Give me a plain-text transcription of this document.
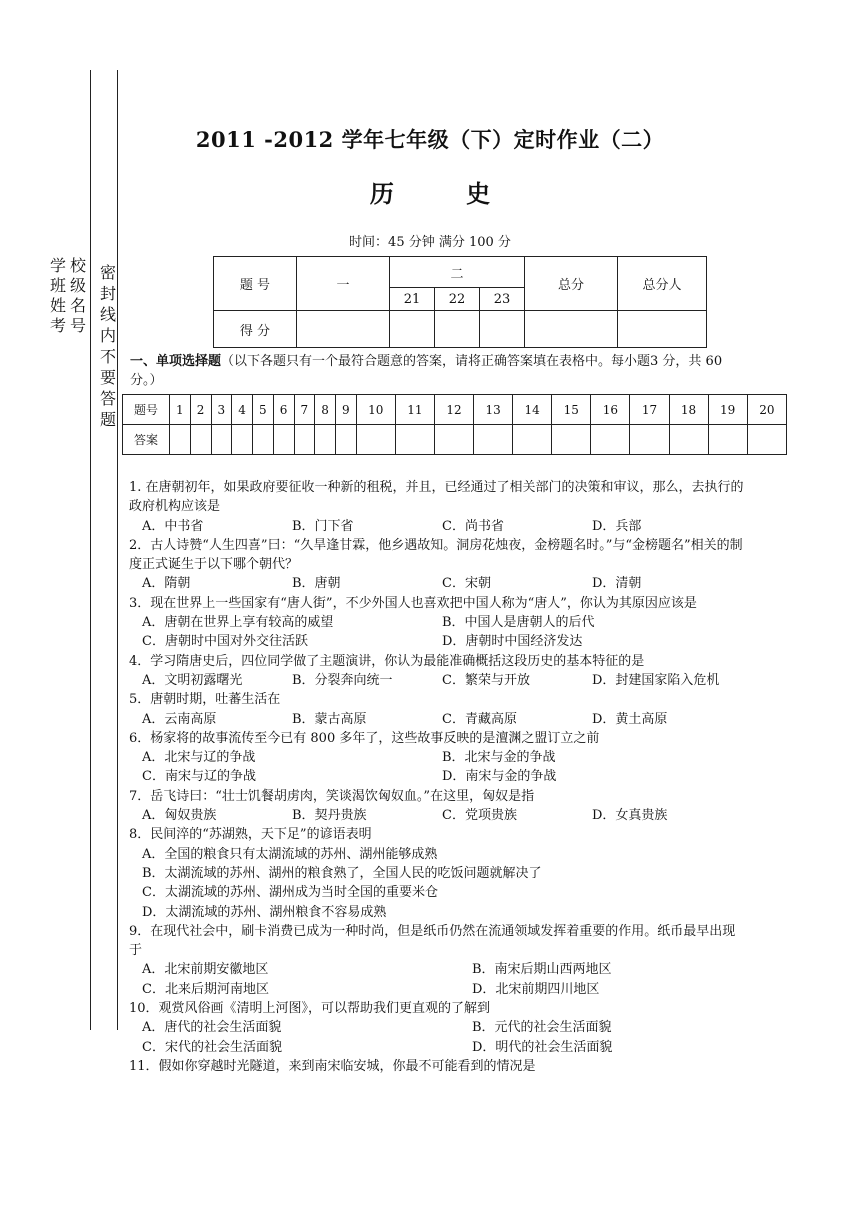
学
班
姓
考
校
级
名
号
密
封
线
内
不
要
答
题
2011 -2012 学年七年级（下）定时作业（二）
历 史
时间：45 分钟 满分 100 分
题 号	一	二			总分	总分人
		21	22	23		
得 分						
一、单项选择题（以下各题只有一个最符合题意的答案，请将正确答案填在表格中。每小题3 分，共 60 分。）
题号	1	2	3	4	5	6	7	8	9	10	11	12	13	14	15	16	17	18	19	20
答案																				

1. 在唐朝初年，如果政府要征收一种新的租税，并且，已经通过了相关部门的决策和审议，那么，去执行的政府机构应该是

A．中书省	B．门下省	C．尚书省	D．兵部

2．古人诗赞“人生四喜”曰：“久旱逢甘霖，他乡遇故知。洞房花烛夜，金榜题名时。”与“金榜题名”相关的制度正式诞生于以下哪个朝代？

A．隋朝	B．唐朝	C．宋朝	D．清朝

3．现在世界上一些国家有“唐人街”，不少外国人也喜欢把中国人称为“唐人”，你认为其原因应该是

A．唐朝在世界上享有较高的威望	B．中国人是唐朝人的后代
C．唐朝时中国对外交往活跃	D．唐朝时中国经济发达

4．学习隋唐史后，四位同学做了主题演讲，你认为最能准确概括这段历史的基本特征的是

A．文明初露曙光	B．分裂奔向统一	C．繁荣与开放	D．封建国家陷入危机

5．唐朝时期，吐蕃生活在

A．云南高原	B．蒙古高原	C．青藏高原	D．黄土高原

6．杨家将的故事流传至今已有 800 多年了，这些故事反映的是澶渊之盟订立之前

A．北宋与辽的争战	B．北宋与金的争战
C．南宋与辽的争战	D．南宋与金的争战

7．岳飞诗曰：“壮士饥餐胡虏肉，笑谈渴饮匈奴血。”在这里，匈奴是指

A．匈奴贵族	B．契丹贵族	C．党项贵族	D．女真贵族

8．民间淬的“苏湖熟，天下足”的谚语表明

A．全国的粮食只有太湖流域的苏州、湖州能够成熟
B．太湖流域的苏州、湖州的粮食熟了，全国人民的吃饭问题就解决了
C．太湖流域的苏州、湖州成为当时全国的重要米仓
D．太湖流域的苏州、湖州粮食不容易成熟

9．在现代社会中，刷卡消费已成为一种时尚，但是纸币仍然在流通领域发挥着重要的作用。纸币最早出现于

A．北宋前期安徽地区	B．南宋后期山西两地区
C．北来后期河南地区	D．北宋前期四川地区

10．观赏风俗画《清明上河图》，可以帮助我们更直观的了解到

A．唐代的社会生活面貌	B．元代的社会生活面貌
C．宋代的社会生活面貌	D．明代的社会生活面貌

11．假如你穿越时光隧道，来到南宋临安城，你最不可能看到的情况是
